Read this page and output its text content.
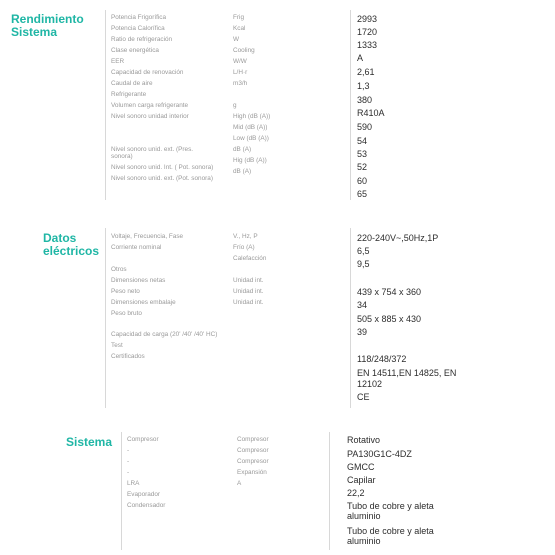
Rendimiento
Sistema
Potencia Frigorífica
Potencia Calorífica
Ratio de refrigeración
Clase energética
EER
Capacidad de renovación
Caudal de aire
Refrigerante
Volumen carga refrigerante
Nivel sonoro unidad interior
Nivel sonoro unid. ext. (Pres. sonora)
Nivel sonoro unid. Int. ( Pot. sonora)
Nivel sonoro unid. ext. (Pot. sonora)
Frig
Kcal
W
Cooling
W/W
L/H·r
m3/h
g
High (dB (A))
Mid (dB (A))
Low (dB (A))
dB (A)
Hig (dB (A))
dB (A)
2993
1720
1333
A
2,61
1,3
380
R410A
590
54
53
52
60
65
Datos
eléctricos
Voltaje, Frecuencia, Fase
Corriente nominal
Otros
Dimensiones netas
Peso neto
Dimensiones embalaje
Peso bruto
Capacidad de carga (20' /40' /40' HC)
Test
Certificados
V., Hz, P
Frío (A)
Calefacción
Unidad int.
Unidad int.
Unidad int.
220-240V~,50Hz,1P
6,5
9,5
439 x 754 x 360
34
505 x 885 x 430
39
118/248/372
EN 14511,EN 14825, EN 12102
CE
Sistema Compresor
-
-
-
LRA
Evaporador
Condensador
Compresor
Compresor
Compresor
Expansión
A
Rotativo
PA130G1C-4DZ
GMCC
Capilar
22,2
Tubo de cobre y aleta aluminio
Tubo de cobre y aleta aluminio
